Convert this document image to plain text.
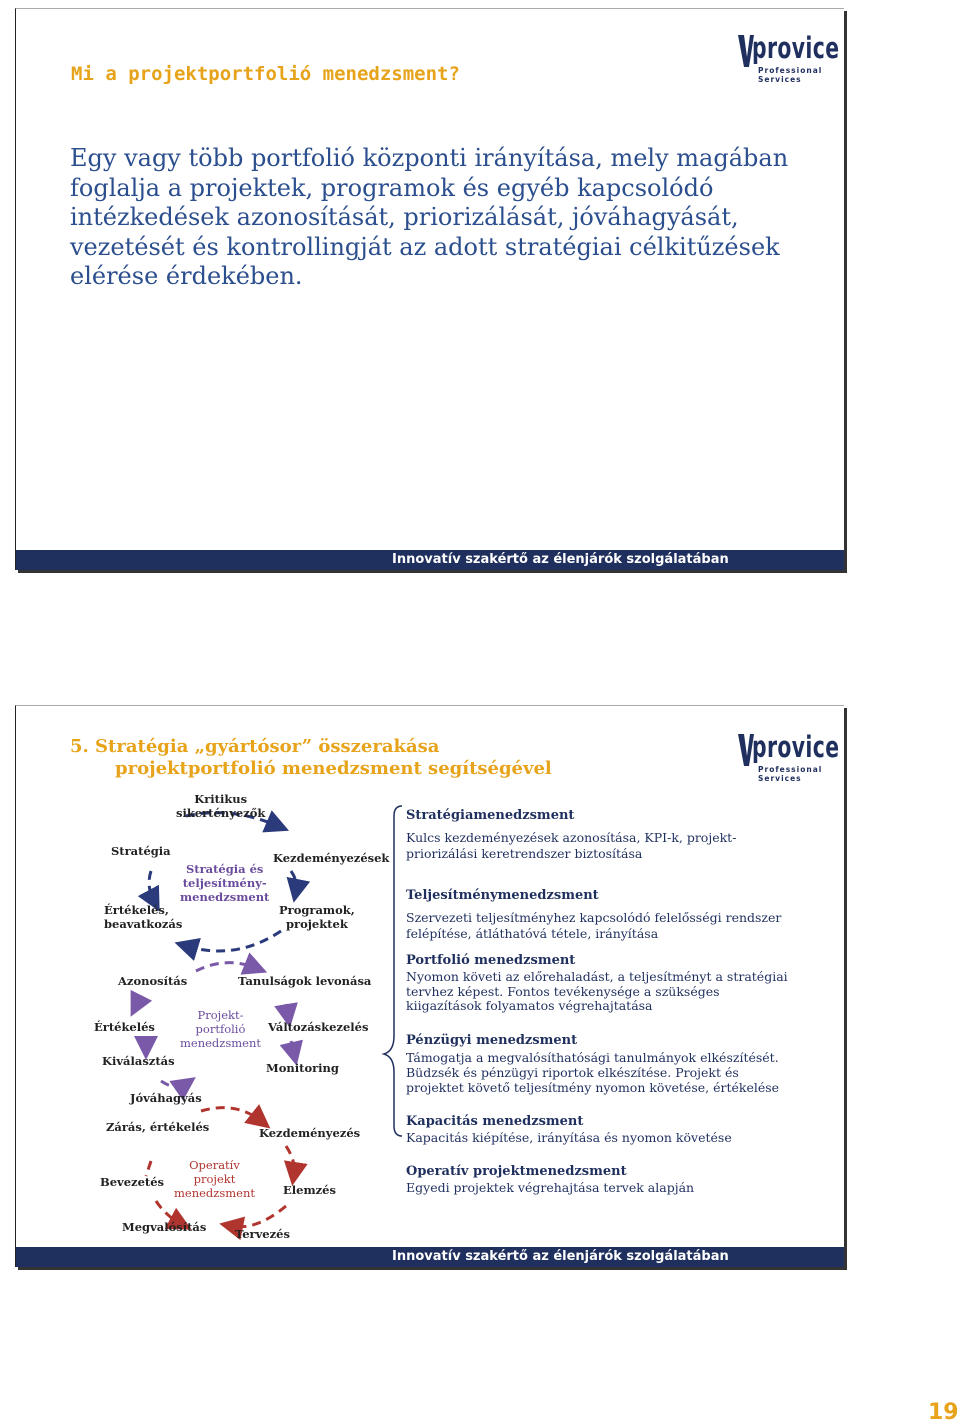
Mi a projektportfolió menedzsment?
provice
Professional Services
Egy vagy több portfolió központi irányítása, mely magában foglalja a projektek, programok és egyéb kapcsolódó intézkedések azonosítását, priorizálását, jóváhagyását, vezetését és kontrollingját az adott stratégiai célkitűzések elérése érdekében.
Innovatív szakértő az élenjárók szolgálatában
5. Stratégia „gyártósor” összerakása
projektportfolió menedzsment segítségével
provice
Professional Services
Kritikus
sikertényezők
Stratégia	Kezdeményezések
Értékelés,
beavatkozás
Programok,
projektek
Stratégia és
teljesítmény-
menedzsment
Azonosítás	Tanulságok levonása
Értékelés	Változáskezelés
Kiválasztás	Monitoring
Jóváhagyás
Projekt-
portfolió
menedzsment
Zárás, értékelés	Kezdeményezés
Bevezetés
Elemzés
Megvalósítás Tervezés
Operatív
projekt
menedzsment
Stratégiamenedzsment
Kulcs kezdeményezések azonosítása, KPI-k, projekt-
priorizálási keretrendszer biztosítása
Teljesítménymenedzsment
Szervezeti teljesítményhez kapcsolódó felelősségi rendszer
felépítése, átláthatóvá tétele, irányítása
Portfolió menedzsment
Nyomon követi az előrehaladást, a teljesítményt a stratégiai
tervhez képest. Fontos tevékenysége a szükséges
kiigazítások folyamatos végrehajtatása
Pénzügyi menedzsment
Támogatja a megvalósíthatósági tanulmányok elkészítését.
Büdzsék és pénzügyi riportok elkészítése. Projekt és
projektet követő teljesítmény nyomon követése, értékelése
Kapacitás menedzsment
Kapacitás kiépítése, irányítása és nyomon követése
Operatív projektmenedzsment
Egyedi projektek végrehajtása tervek alapján
Innovatív szakértő az élenjárók szolgálatában
19
